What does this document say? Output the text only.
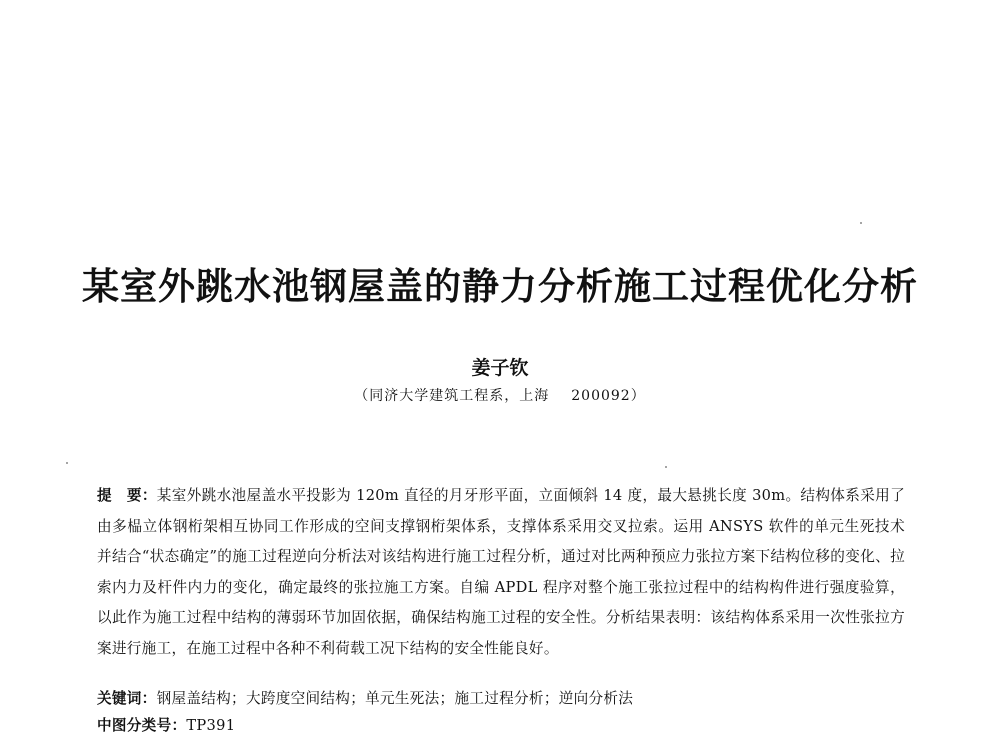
某室外跳水池钢屋盖的静力分析施工过程优化分析
姜子钦
（同济大学建筑工程系，上海 200092）
提　要：某室外跳水池屋盖水平投影为 120m 直径的月牙形平面，立面倾斜 14 度，最大悬挑长度 30m。结构体系采用了由多榀立体钢桁架相互协同工作形成的空间支撑钢桁架体系，支撑体系采用交叉拉索。运用 ANSYS 软件的单元生死技术并结合“状态确定”的施工过程逆向分析法对该结构进行施工过程分析，通过对比两种预应力张拉方案下结构位移的变化、拉索内力及杆件内力的变化，确定最终的张拉施工方案。自编 APDL 程序对整个施工张拉过程中的结构构件进行强度验算，以此作为施工过程中结构的薄弱环节加固依据，确保结构施工过程的安全性。分析结果表明：该结构体系采用一次性张拉方案进行施工，在施工过程中各种不利荷载工况下结构的安全性能良好。
关键词：钢屋盖结构；大跨度空间结构；单元生死法；施工过程分析；逆向分析法
中图分类号：TP391
